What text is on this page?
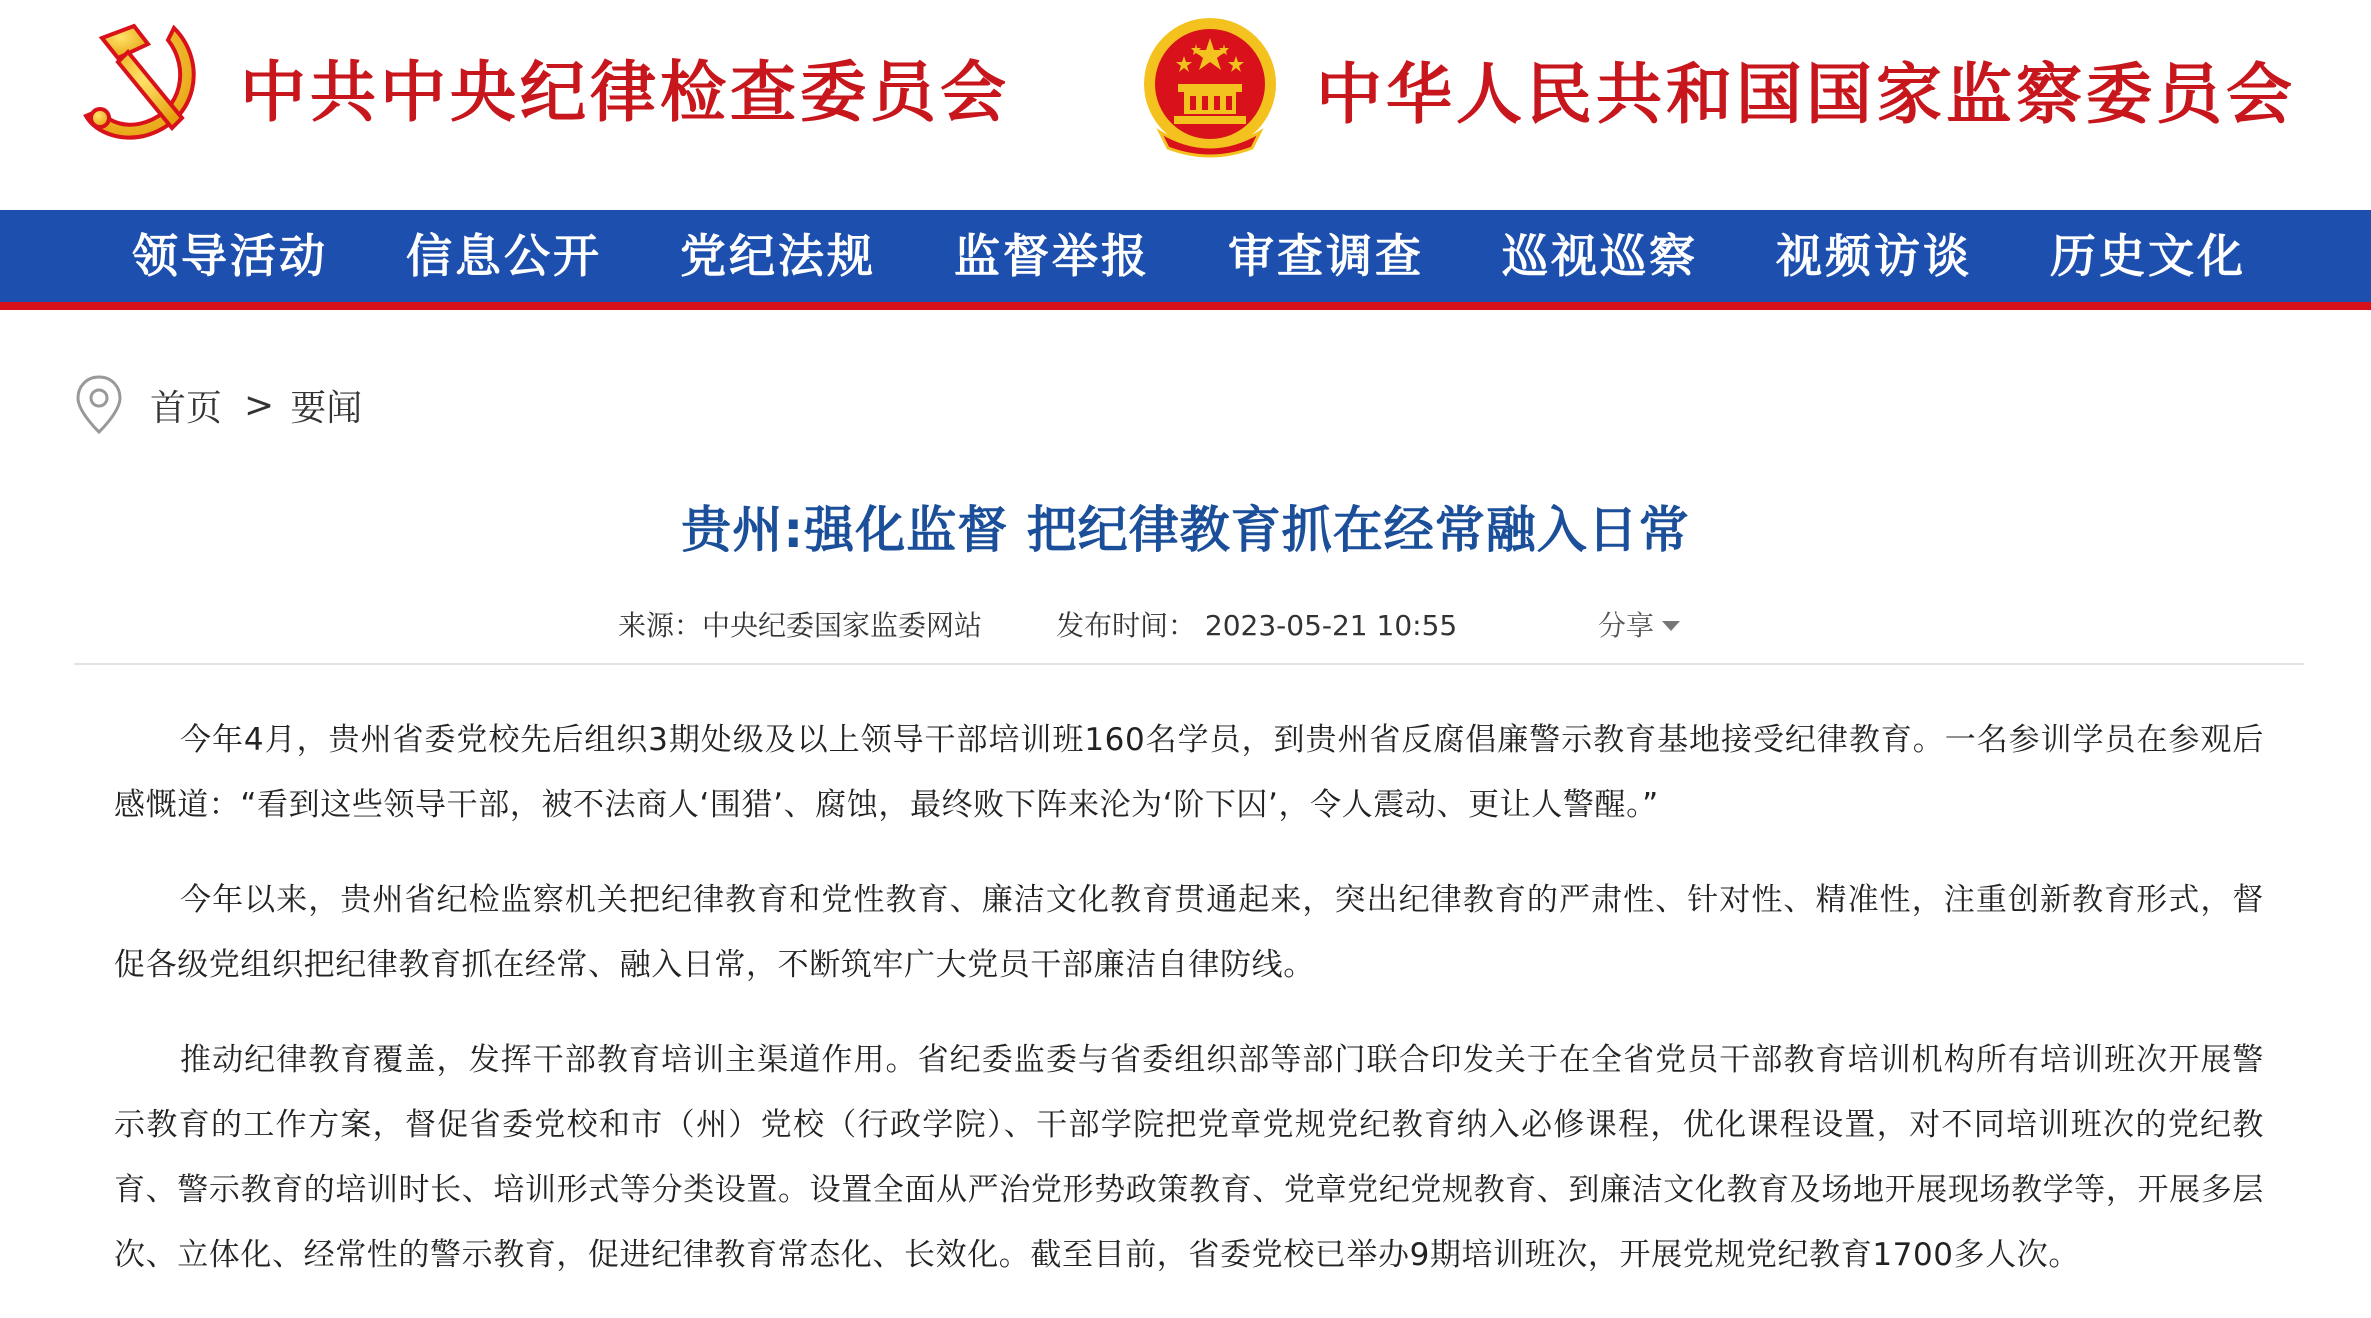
中共中央纪律检查委员会	中华人民共和国国家监察委员会
领导活动	信息公开	党纪法规	监督举报	审查调查	巡视巡察	视频访谈	历史文化
首页 > 要闻
贵州:强化监督 把纪律教育抓在经常融入日常
来源：中央纪委国家监委网站	发布时间： 2023-05-21 10:55	分享

今年4月，贵州省委党校先后组织3期处级及以上领导干部培训班160名学员，到贵州省反腐倡廉警示教育基地接受纪律教育。一名参训学员在参观后感慨道：“看到这些领导干部，被不法商人‘围猎’、腐蚀，最终败下阵来沦为‘阶下囚’，令人震动、更让人警醒。”

今年以来，贵州省纪检监察机关把纪律教育和党性教育、廉洁文化教育贯通起来，突出纪律教育的严肃性、针对性、精准性，注重创新教育形式，督促各级党组织把纪律教育抓在经常、融入日常，不断筑牢广大党员干部廉洁自律防线。

推动纪律教育覆盖，发挥干部教育培训主渠道作用。省纪委监委与省委组织部等部门联合印发关于在全省党员干部教育培训机构所有培训班次开展警示教育的工作方案，督促省委党校和市（州）党校（行政学院）、干部学院把党章党规党纪教育纳入必修课程，优化课程设置，对不同培训班次的党纪教育、警示教育的培训时长、培训形式等分类设置。设置全面从严治党形势政策教育、党章党纪党规教育、到廉洁文化教育及场地开展现场教学等，开展多层次、立体化、经常性的警示教育，促进纪律教育常态化、长效化。截至目前，省委党校已举办9期培训班次，开展党规党纪教育1700多人次。
